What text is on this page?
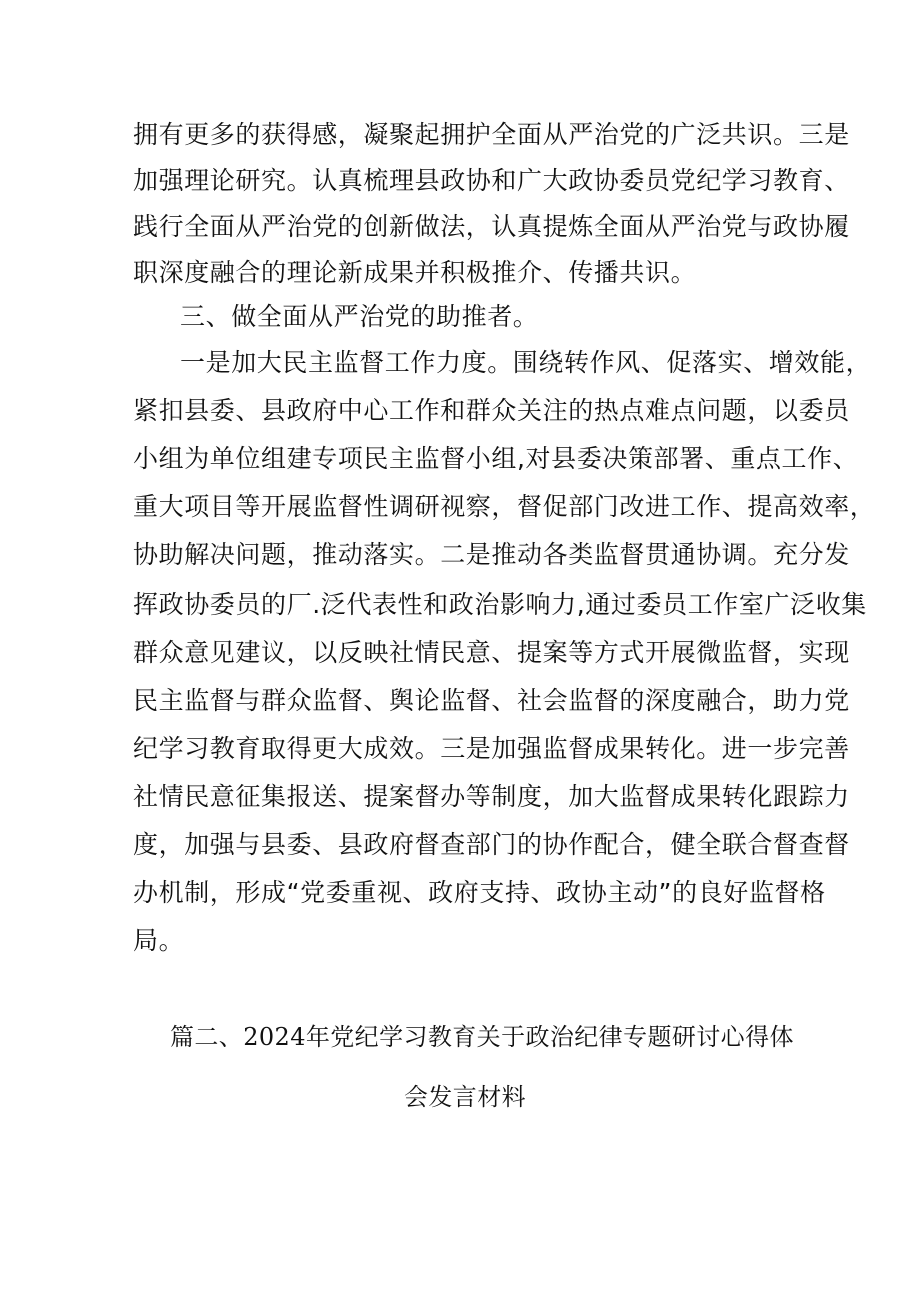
拥有更多的获得感，凝聚起拥护全面从严治党的广泛共识。三是
加强理论研究。认真梳理县政协和广大政协委员党纪学习教育、
践行全面从严治党的创新做法，认真提炼全面从严治党与政协履
职深度融合的理论新成果并积极推介、传播共识。
三、做全面从严治党的助推者。
一是加大民主监督工作力度。围绕转作风、促落实、增效能，
紧扣县委、县政府中心工作和群众关注的热点难点问题，以委员
小组为单位组建专项民主监督小组,对县委决策部署、重点工作、
重大项目等开展监督性调研视察，督促部门改进工作、提高效率，
协助解决问题，推动落实。二是推动各类监督贯通协调。充分发
挥政协委员的厂.泛代表性和政治影响力,通过委员工作室广泛收集
群众意见建议，以反映社情民意、提案等方式开展微监督，实现
民主监督与群众监督、舆论监督、社会监督的深度融合，助力党
纪学习教育取得更大成效。三是加强监督成果转化。进一步完善
社情民意征集报送、提案督办等制度，加大监督成果转化跟踪力
度，加强与县委、县政府督查部门的协作配合，健全联合督查督
办机制，形成“党委重视、政府支持、政协主动”的良好监督格
局。
篇二、2024年党纪学习教育关于政治纪律专题研讨心得体
会发言材料
